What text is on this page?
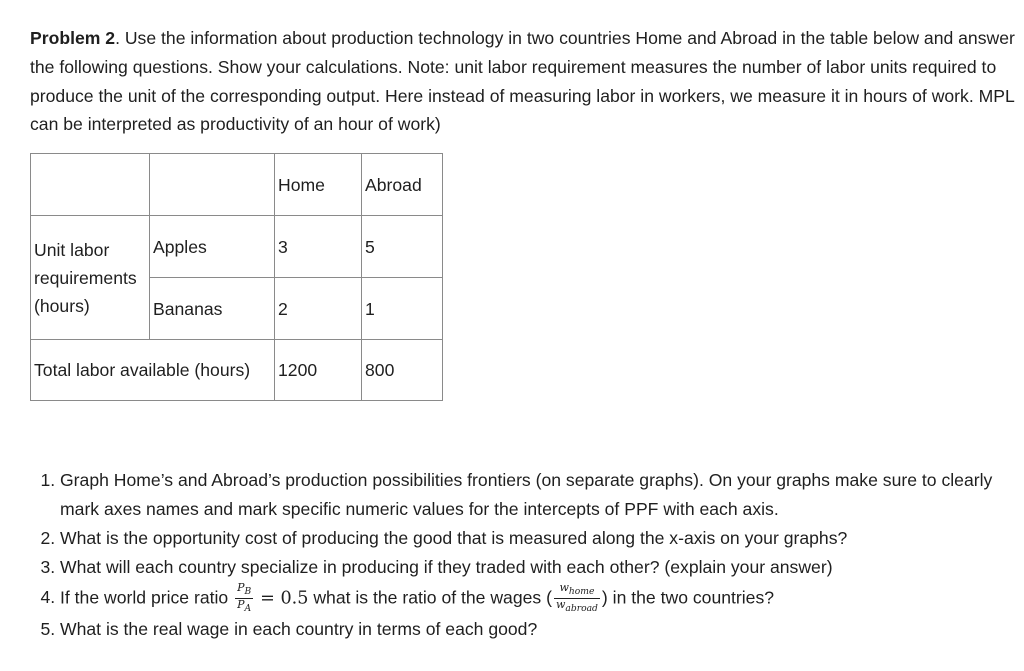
Problem 2. Use the information about production technology in two countries Home and Abroad in the table below and answer the following questions. Show your calculations. Note: unit labor requirement measures the number of labor units required to produce the unit of the corresponding output. Here instead of measuring labor in workers, we measure it in hours of work. MPL can be interpreted as productivity of an hour of work)
		Home	Abroad
Unit labor requirements (hours)	Apples	3	5
	Bananas	2	1
Total labor available (hours)		1200	800
1. Graph Home’s and Abroad’s production possibilities frontiers (on separate graphs). On your graphs make sure to clearly mark axes names and mark specific numeric values for the intercepts of PPF with each axis.
2. What is the opportunity cost of producing the good that is measured along the x-axis on your graphs?
3. What will each country specialize in producing if they traded with each other? (explain your answer)
4. If the world price ratio $\frac{P_B}{P_A} = 0.5$ what is the ratio of the wages ( $\frac{w_{home}}{w_{abroad}}$ ) in the two countries?
5. What is the real wage in each country in terms of each good?
